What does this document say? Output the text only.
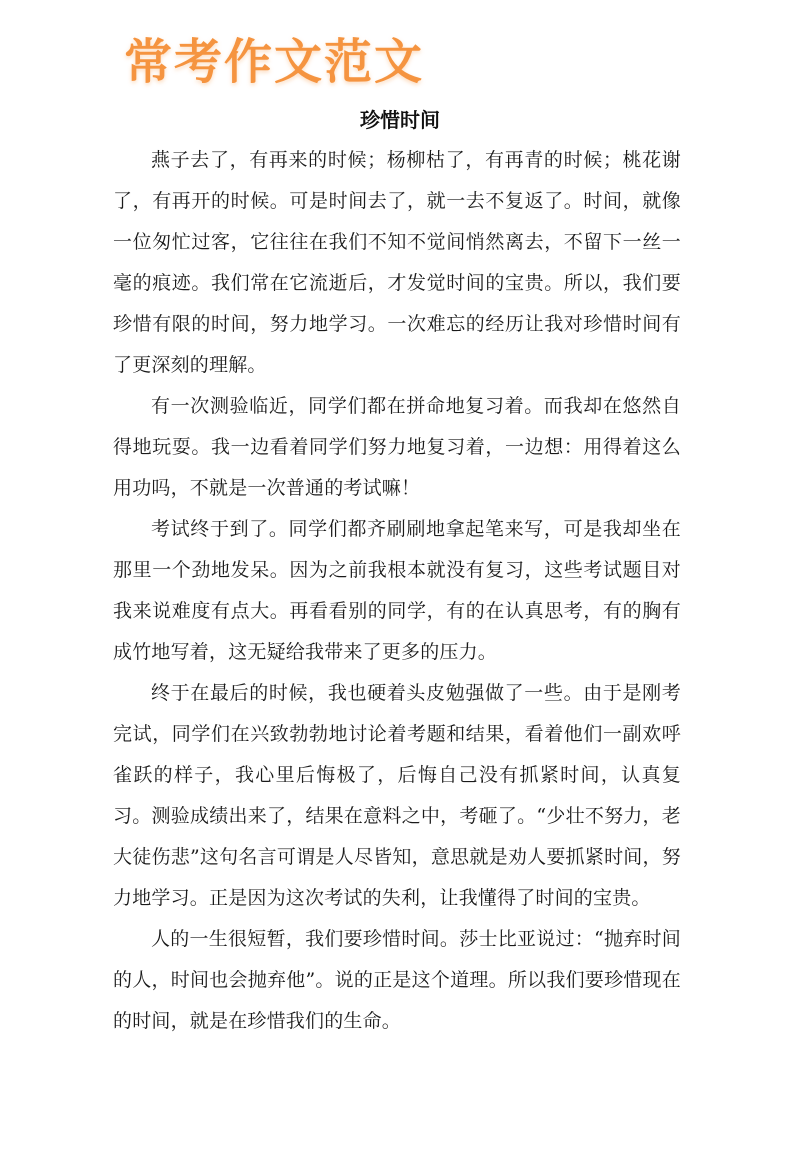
常考作文范文
珍惜时间

燕子去了，有再来的时候；杨柳枯了，有再青的时候；桃花谢了，有再开的时候。可是时间去了，就一去不复返了。时间，就像一位匆忙过客，它往往在我们不知不觉间悄然离去，不留下一丝一毫的痕迹。我们常在它流逝后，才发觉时间的宝贵。所以，我们要珍惜有限的时间，努力地学习。一次难忘的经历让我对珍惜时间有了更深刻的理解。

有一次测验临近，同学们都在拼命地复习着。而我却在悠然自得地玩耍。我一边看着同学们努力地复习着，一边想：用得着这么用功吗，不就是一次普通的考试嘛！

考试终于到了。同学们都齐刷刷地拿起笔来写，可是我却坐在那里一个劲地发呆。因为之前我根本就没有复习，这些考试题目对我来说难度有点大。再看看别的同学，有的在认真思考，有的胸有成竹地写着，这无疑给我带来了更多的压力。

终于在最后的时候，我也硬着头皮勉强做了一些。由于是刚考完试，同学们在兴致勃勃地讨论着考题和结果，看着他们一副欢呼雀跃的样子，我心里后悔极了，后悔自己没有抓紧时间，认真复习。测验成绩出来了，结果在意料之中，考砸了。“少壮不努力，老大徒伤悲”这句名言可谓是人尽皆知，意思就是劝人要抓紧时间，努力地学习。正是因为这次考试的失利，让我懂得了时间的宝贵。

人的一生很短暂，我们要珍惜时间。莎士比亚说过：“抛弃时间的人，时间也会抛弃他”。说的正是这个道理。所以我们要珍惜现在的时间，就是在珍惜我们的生命。
